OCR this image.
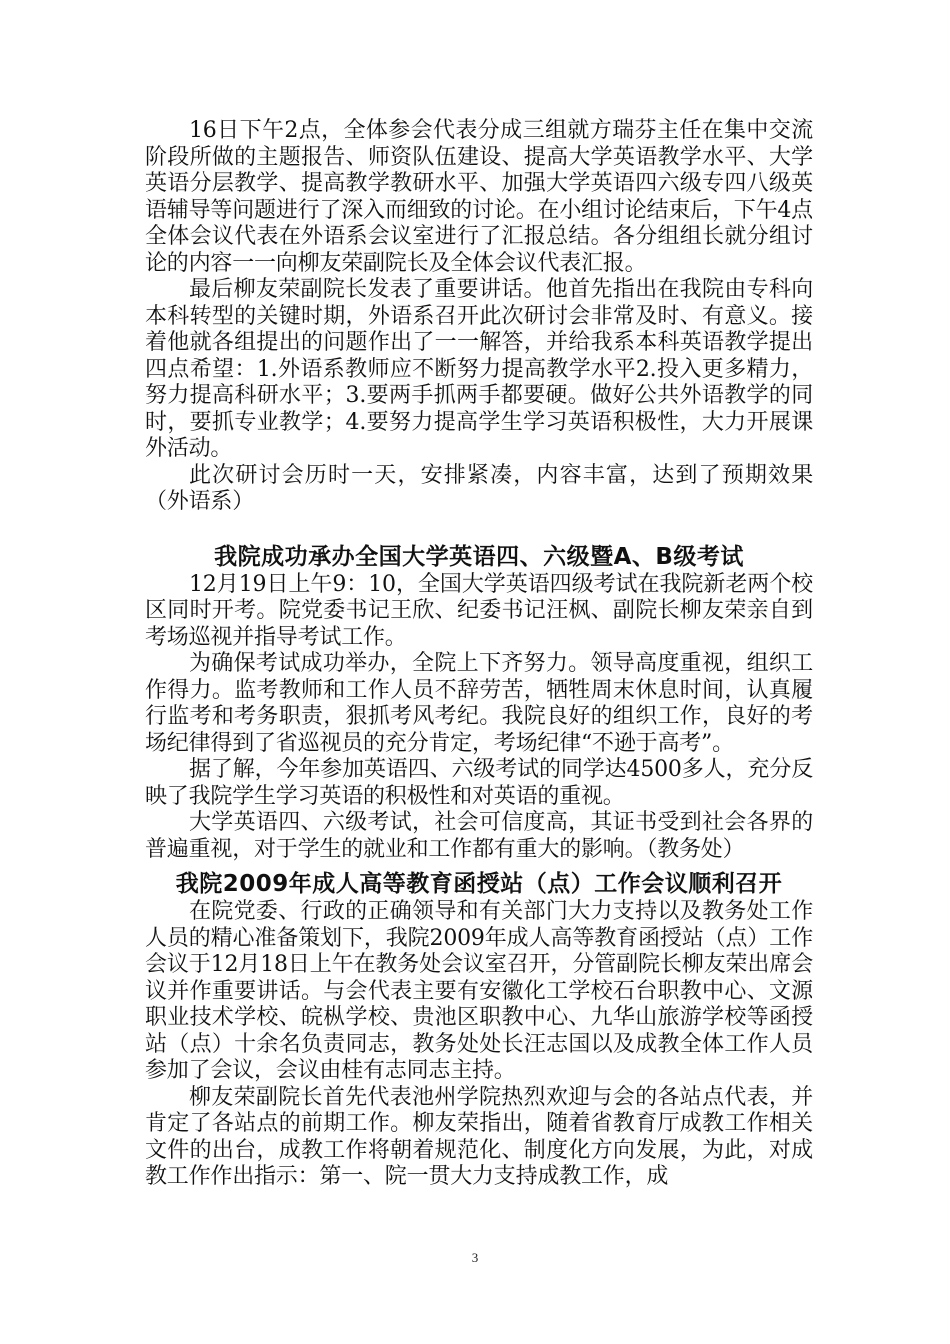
16日下午2点，全体参会代表分成三组就方瑞芬主任在集中交流阶段所做的主题报告、师资队伍建设、提高大学英语教学水平、大学英语分层教学、提高教学教研水平、加强大学英语四六级专四八级英语辅导等问题进行了深入而细致的讨论。在小组讨论结束后，下午4点全体会议代表在外语系会议室进行了汇报总结。各分组组长就分组讨论的内容一一向柳友荣副院长及全体会议代表汇报。

最后柳友荣副院长发表了重要讲话。他首先指出在我院由专科向本科转型的关键时期，外语系召开此次研讨会非常及时、有意义。接着他就各组提出的问题作出了一一解答，并给我系本科英语教学提出四点希望：1.外语系教师应不断努力提高教学水平2.投入更多精力，努力提高科研水平；3.要两手抓两手都要硬。做好公共外语教学的同时，要抓专业教学；4.要努力提高学生学习英语积极性，大力开展课外活动。

此次研讨会历时一天，安排紧凑，内容丰富，达到了预期效果（外语系）

我院成功承办全国大学英语四、六级暨A、B级考试

12月19日上午9：10，全国大学英语四级考试在我院新老两个校区同时开考。院党委书记王欣、纪委书记汪枫、副院长柳友荣亲自到考场巡视并指导考试工作。

为确保考试成功举办，全院上下齐努力。领导高度重视，组织工作得力。监考教师和工作人员不辞劳苦，牺牲周末休息时间，认真履行监考和考务职责，狠抓考风考纪。我院良好的组织工作，良好的考场纪律得到了省巡视员的充分肯定，考场纪律“不逊于高考”。

据了解，今年参加英语四、六级考试的同学达4500多人，充分反映了我院学生学习英语的积极性和对英语的重视。

大学英语四、六级考试，社会可信度高，其证书受到社会各界的普遍重视，对于学生的就业和工作都有重大的影响。（教务处）

我院2009年成人高等教育函授站（点）工作会议顺利召开

在院党委、行政的正确领导和有关部门大力支持以及教务处工作人员的精心准备策划下，我院2009年成人高等教育函授站（点）工作会议于12月18日上午在教务处会议室召开，分管副院长柳友荣出席会议并作重要讲话。与会代表主要有安徽化工学校石台职教中心、文源职业技术学校、皖枞学校、贵池区职教中心、九华山旅游学校等函授站（点）十余名负责同志，教务处处长汪志国以及成教全体工作人员参加了会议，会议由桂有志同志主持。

柳友荣副院长首先代表池州学院热烈欢迎与会的各站点代表，并肯定了各站点的前期工作。柳友荣指出，随着省教育厅成教工作相关文件的出台，成教工作将朝着规范化、制度化方向发展，为此，对成教工作作出指示：第一、院一贯大力支持成教工作，成

3
